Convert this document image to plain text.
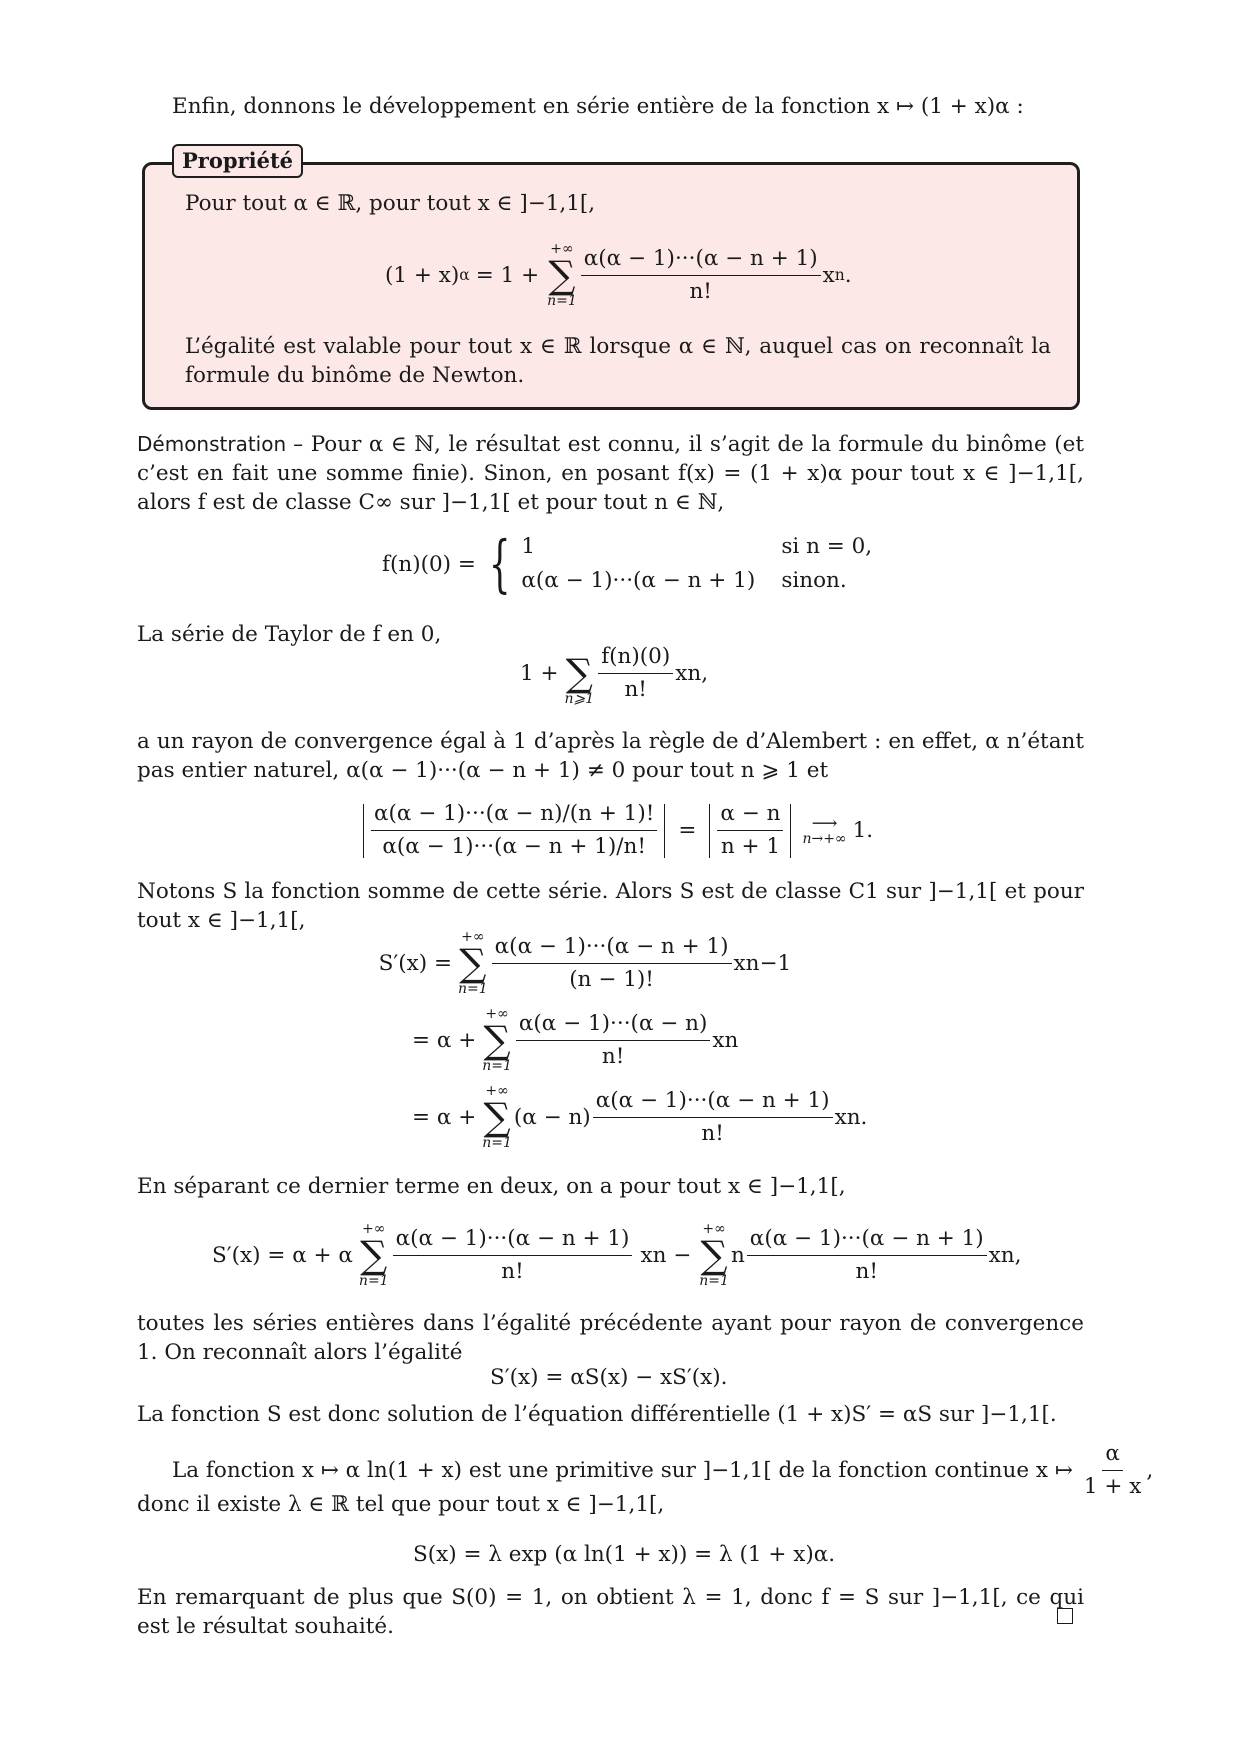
Enfin, donnons le développement en série entière de la fonction x ↦ (1 + x)α :

Propriété

Pour tout α ∈ ℝ, pour tout x ∈ ]−1,1[,

(1 + x) α = 1 +
+∞
∑
$n=1 \frac{\alpha(\alpha - 1)\cdot\cdot\cdot(\alpha - n + 1)}{n!}$ x n .

L’égalité est valable pour tout x ∈ ℝ lorsque α ∈ ℕ, auquel cas on reconnaît la formule du binôme de Newton.

Démonstration – Pour α ∈ ℕ, le résultat est connu, il s’agit de la formule du binôme (et c’est en fait une somme finie). Sinon, en posant f(x) = (1 + x)α pour tout x ∈ ]−1,1[, alors f est de classe C∞ sur ]−1,1[ et pour tout n ∈ ℕ,

f(n)(0) = { 1	si n = 0,
α(α − 1)···(α − n + 1)	sinon.

La série de Taylor de f en 0,

1 +
∑
n⩾1 $\frac{f(n)(0)}{n!}$ xn,

a un rayon de convergence égal à 1 d’après la règle de d’Alembert : en effet, α n’étant pas entier naturel, α(α − 1)···(α − n + 1) ≠ 0 pour tout n ⩾ 1 et

$\frac{\alpha(\alpha - 1)\cdot\cdot\cdot(\alpha - n)/(n + 1)!}{\alpha(\alpha - 1)\cdot\cdot\cdot(\alpha - n + 1)/n!} = \frac{\alpha - n}{n + 1}$ ⟶
n→+∞ 1.

Notons S la fonction somme de cette série. Alors S est de classe C1 sur ]−1,1[ et pour tout x ∈ ]−1,1[,

S′(x) =
+∞
∑
$n=1 \frac{\alpha(\alpha - 1)\cdot\cdot\cdot(\alpha - n + 1)}{(n - 1)!} xn-1$
= α +
+∞
∑
$n=1 \frac{\alpha(\alpha - 1)\cdot\cdot\cdot(\alpha - n)}{n!}$ xn
= α +
+∞
∑
n=1
$(\alpha - n) \frac{\alpha(\alpha - 1)\cdot\cdot\cdot(\alpha - n + 1)}{n!}$ xn.

En séparant ce dernier terme en deux, on a pour tout x ∈ ]−1,1[,

S′(x) = α + α
+∞
∑
$n=1 \frac{\alpha(\alpha - 1)\cdot\cdot\cdot(\alpha - n + 1)}{n!}$ xn −
+∞
∑
n=1
n $\frac{\alpha(\alpha - 1)\cdot\cdot\cdot(\alpha - n + 1)}{n!}$ xn,

toutes les séries entières dans l’égalité précédente ayant pour rayon de convergence 1. On reconnaît alors l’égalité

S′(x) = αS(x) − xS′(x).

La fonction S est donc solution de l’équation différentielle (1 + x)S′ = αS sur ]−1,1[.

La fonction x ↦ α ln(1 + x) est une primitive sur ]−1,1[ de la fonction continue x ↦ $\frac{\alpha}{1 + x}$ ,

donc il existe λ ∈ ℝ tel que pour tout x ∈ ]−1,1[,

S(x) = λ exp (α ln(1 + x)) = λ (1 + x)α.

En remarquant de plus que S(0) = 1, on obtient λ = 1, donc f = S sur ]−1,1[, ce qui est le résultat souhaité.
